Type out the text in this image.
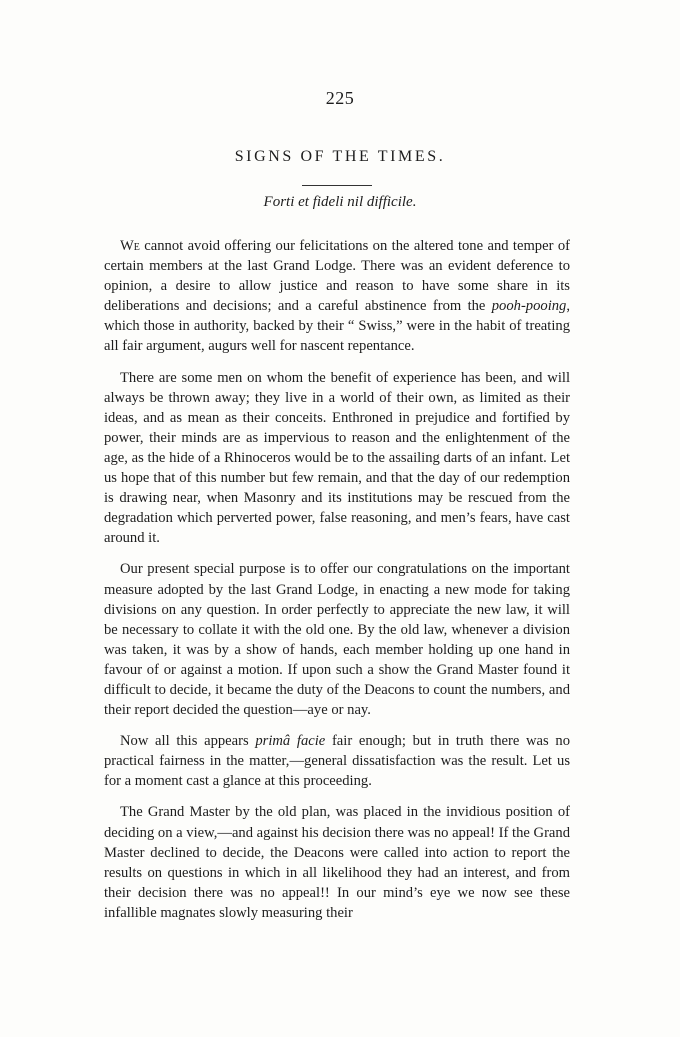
225
SIGNS OF THE TIMES.
Forti et fideli nil difficile.

We cannot avoid offering our felicitations on the altered tone and temper of certain members at the last Grand Lodge. There was an evident deference to opinion, a desire to allow justice and reason to have some share in its deliberations and decisions; and a careful abstinence from the pooh-pooing, which those in authority, backed by their “ Swiss,” were in the habit of treating all fair argument, augurs well for nascent repentance.

There are some men on whom the benefit of experience has been, and will always be thrown away; they live in a world of their own, as limited as their ideas, and as mean as their conceits. Enthroned in prejudice and fortified by power, their minds are as impervious to reason and the enlightenment of the age, as the hide of a Rhinoceros would be to the assailing darts of an infant. Let us hope that of this number but few remain, and that the day of our redemption is drawing near, when Masonry and its institutions may be rescued from the degradation which perverted power, false reasoning, and men’s fears, have cast around it.

Our present special purpose is to offer our congratulations on the important measure adopted by the last Grand Lodge, in enacting a new mode for taking divisions on any question. In order perfectly to appreciate the new law, it will be necessary to collate it with the old one. By the old law, whenever a division was taken, it was by a show of hands, each member holding up one hand in favour of or against a motion. If upon such a show the Grand Master found it difficult to decide, it became the duty of the Deacons to count the numbers, and their report decided the question—aye or nay.

Now all this appears primâ facie fair enough; but in truth there was no practical fairness in the matter,—general dissatisfaction was the result. Let us for a moment cast a glance at this proceeding.

The Grand Master by the old plan, was placed in the invidious position of deciding on a view,—and against his decision there was no appeal! If the Grand Master declined to decide, the Deacons were called into action to report the results on questions in which in all likelihood they had an interest, and from their decision there was no appeal!! In our mind’s eye we now see these infallible magnates slowly measuring their
